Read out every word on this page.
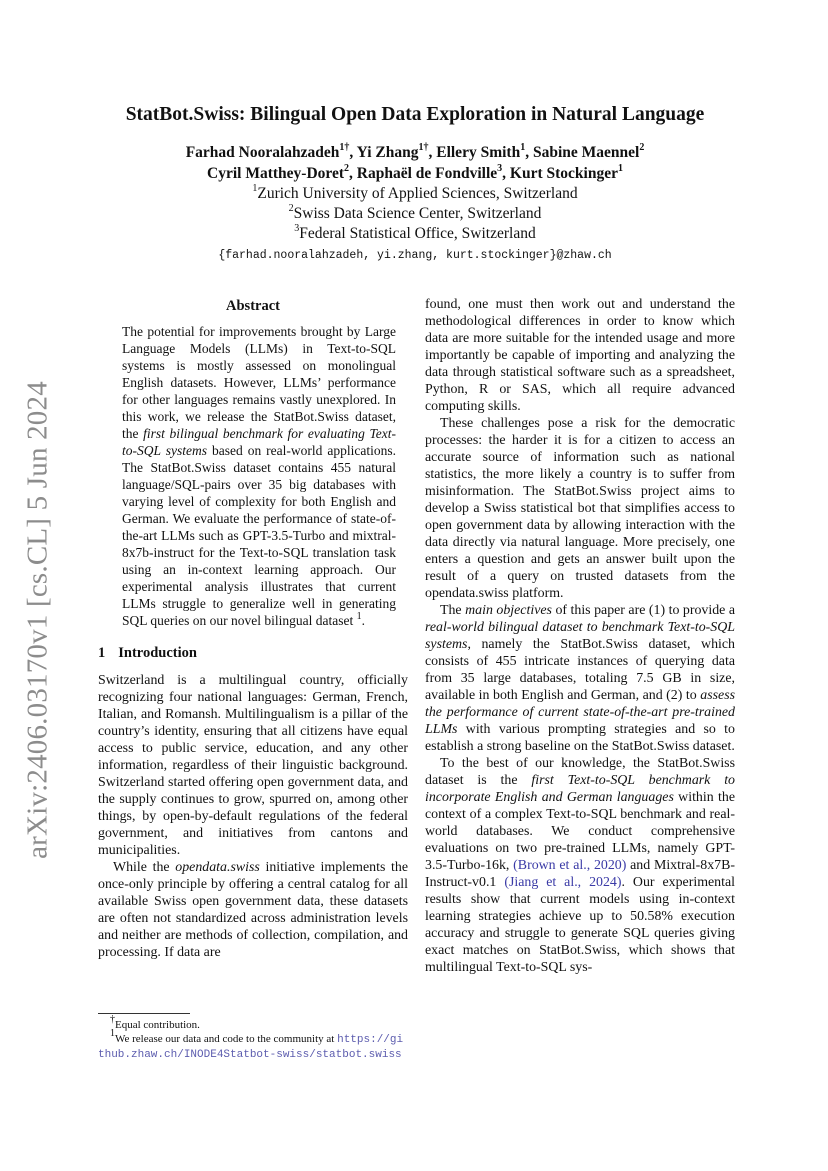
arXiv:2406.03170v1 [cs.CL] 5 Jun 2024
StatBot.Swiss: Bilingual Open Data Exploration in Natural Language
Farhad Nooralahzadeh$^{1\dagger}$, Yi Zhang$^{1\dagger}$, Ellery Smith$^1$, Sabine Maennel$^2$
Cyril Matthey-Doret$^2$, Raphaël de Fondville$^3$, Kurt Stockinger$^1$
$^1$Zurich University of Applied Sciences, Switzerland
$^2$Swiss Data Science Center, Switzerland
$^3$Federal Statistical Office, Switzerland
{farhad.nooralahzadeh, yi.zhang, kurt.stockinger}@zhaw.ch
Abstract

The potential for improvements brought by Large Language Models (LLMs) in Text-to-SQL systems is mostly assessed on monolingual English datasets. However, LLMs’ performance for other languages remains vastly unexplored. In this work, we release the StatBot.Swiss dataset, the first bilingual benchmark for evaluating Text-to-SQL systems based on real-world applications. The StatBot.Swiss dataset contains 455 natural language/SQL-pairs over 35 big databases with varying level of complexity for both English and German. We evaluate the performance of state-of-the-art LLMs such as GPT-3.5-Turbo and mixtral-8x7b-instruct for the Text-to-SQL translation task using an in-context learning approach. Our experimental analysis illustrates that current LLMs struggle to generalize well in generating SQL queries on our novel bilingual dataset $^1$.

1 Introduction

Switzerland is a multilingual country, officially recognizing four national languages: German, French, Italian, and Romansh. Multilingualism is a pillar of the country’s identity, ensuring that all citizens have equal access to public service, education, and any other information, regardless of their linguistic background. Switzerland started offering open government data, and the supply continues to grow, spurred on, among other things, by open-by-default regulations of the federal government, and initiatives from cantons and municipalities.

While the opendata.swiss initiative implements the once-only principle by offering a central catalog for all available Swiss open government data, these datasets are often not standardized across administration levels and neither are methods of collection, compilation, and processing. If data are

found, one must then work out and understand the methodological differences in order to know which data are more suitable for the intended usage and more importantly be capable of importing and analyzing the data through statistical software such as a spreadsheet, Python, R or SAS, which all require advanced computing skills.

These challenges pose a risk for the democratic processes: the harder it is for a citizen to access an accurate source of information such as national statistics, the more likely a country is to suffer from misinformation. The StatBot.Swiss project aims to develop a Swiss statistical bot that simplifies access to open government data by allowing interaction with the data directly via natural language. More precisely, one enters a question and gets an answer built upon the result of a query on trusted datasets from the opendata.swiss platform.

The main objectives of this paper are (1) to provide a real-world bilingual dataset to benchmark Text-to-SQL systems, namely the StatBot.Swiss dataset, which consists of 455 intricate instances of querying data from 35 large databases, totaling 7.5 GB in size, available in both English and German, and (2) to assess the performance of current state-of-the-art pre-trained LLMs with various prompting strategies and so to establish a strong baseline on the StatBot.Swiss dataset.

To the best of our knowledge, the StatBot.Swiss dataset is the first Text-to-SQL benchmark to incorporate English and German languages within the context of a complex Text-to-SQL benchmark and real-world databases. We conduct comprehensive evaluations on two pre-trained LLMs, namely GPT-3.5-Turbo-16k, (Brown et al., 2020) and Mixtral-8x7B-Instruct-v0.1 (Jiang et al., 2024). Our experimental results show that current models using in-context learning strategies achieve up to 50.58% execution accuracy and struggle to generate SQL queries giving exact matches on StatBot.Swiss, which shows that multilingual Text-to-SQL sys-

†Equal contribution.
$^1$We release our data and code to the community at https://github.zhaw.ch/INODE4Statbot-swiss/statbot.swiss
